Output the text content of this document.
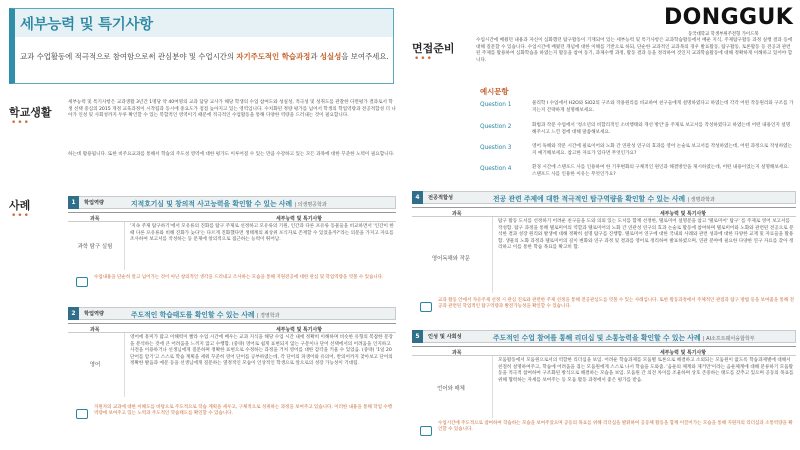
세부능력 및 특기사항
교과 수업활동에 적극적으로 참여함으로써 관심분야 및 수업시간의 자기주도적인 학습과정과 성실성을 보여주세요.
학교생활
•••
세부능력 및 특기사항은 교과생활 3년간 1명당 약 40여명의 교과 담당 교사가 해당 학생의 수업 참여도와 성실성, 적극성 및 성취도를 관찰한 다면평가 결과로서 학생 선택 중심의 2015 개정 교육과정이 시작됨과 동시에 중요도가 점점 높아지고 있는 영역입니다. 수치화된 정량 평가를 넘어서 학생의 학업역량과 전공적합성 더 나아가 인성 및 사회성까지 두루 확인할 수 있는 복합적인 영역이기 때문에 적극적인 수업활동을 통해 다양한 역량을 드러내는 것이 필요합니다.
하는데 활용됩니다. 또한 비주요교과를 통해서 학습의 주도성 영역에 대한 평가도 이루어질 수 있는 만큼 수강하고 있는 모든 과목에 대한 꾸준한 노력이 필요합니다.
사례
•••
1	학업역량	지적호기심 및 창의적 사고능력을 확인할 수 있는 사례 | 의생명공학과
과목	세부능력 및 특기사항
과학 탐구 실험
'지속 주제 탐구하기'에서 모유류의 진화를 탐구 주제로 선정하고 모유류의 기원, 인간과 다른 포유류 동물들을 비교하면서 '인간이 한때 다른 포유류와 비해 진화가 늦다'는 다르게 진화했다면 생태계의 최상위 포식자로 존재할 수 있었을까?'라는 의문을 가지고 자료를 조사하여 보고서를 작성하는 등 문제에 창의적으로 접근하는 능력이 뛰어남.
수업내용을 단순히 알고 넘어가는 것이 아닌 창의적인 생각을 드러내고 조사하는 모습을 통해 지원전공에 대한 관심 및 학업역량을 엿볼 수 있습니다.
2	학업역량	주도적인 학습태도를 확인할 수 있는 사례 | 경영학과
과목	세부능력 및 특기사항
영어
영어에 흥미가 많고 이해력이 빨라 수업 시간에 배우는 교과 지식을 해당 수업 시간 내에 정확히 이해하며 비슷한 유형의 복잡한 문장을 분석하는 것에 큰 어려움을 느끼지 않고 수행함. (중략) 영어로 쉽게 표현되지 않는 구문이나 단어 선택에서의 어려움을 인지하고 사전을 이용하거나 선생님에게 질문하며 정확한 표현으로 수정하는 과정을 거쳐 영어를 대한 감각을 키울 수 있었음. (중략) '1일 20단어를 암기'고 스스로 학습 계획을 세워 꾸준히 영어 단어를 공부하였는데, 각 단어의 파생어와 유의어, 반의어까지 찾아보고 단어의 정확한 발음과 예문 등을 선생님에게 질문하는 열정적인 모습이 인상적인 학생으로 앞으로의 성장 가능성이 기대됨.
지원자의 교과에 대한 이해도를 바탕으로 주도적으로 학습 계획을 세우고, 구체적으로 성취하는 과정을 보여주고 있습니다. 이러한 내용을 통해 학업 수행역량에 보여주고 있는 노력과 주도적인 학습태도를 확인할 수 있습니다.
DONGGUK
동국대학교 학생부위주전형 가이드북
면접준비
•••
수업시간에 배웠던 내용과 자신이 심화했던 탐구활동이 기재되어 있는 세부능력 및 특기사항은 교과학습활동에서 배운 지식, 주제탐구활동 과정 실행 결과 등에 대해 질문할 수 있습니다. 수업시간에 배웠던 개념에 대한 이해를 기반으로 하되, 단순한 교과적인 교과목의 경우 발표활동, 탐구활동, 토론활동 등 전공과 관련된 주제를 활용하여 심화학습을 하였는지 활동을 참여 동기, 과제수행 과정, 활동 결과 등을 정리하여 것인지 교과학습활동에 대해 정확하게 이해하고 있어야 합니다.
예시문항
Question 1	물리학 I 수업에서 H2O와 SiO2의 구조와 작용원리를 비교하여 친구들에게 설명하였다고 하였는데 각각 어떤 작동원리와 구조를 가지는지 간략하게 설명해보세요.
Question 2	화법과 작문 수업에서 '청소년의 비합리적인 소비행태와 개선 방안'을 주제로 보고서를 작성하였다고 하였는데 어떤 내용인지 설명해주시고 느낀 점에 대해 말씀해보세요.
Question 3	영어 독해와 작문 시간에 필로이어와 노화 간 연관성 연구의 효과를 영어 논술로 보고서를 작성하였는데, 어떤 과정으로 작성하였는지 얘기해보세요. 참고한 자료가 있다면 무엇인가요?
Question 4	환경 시간에 스탠포드 사를 인용하여 한 기후변화의 구체적인 원인과 해결방안을 제시하였는데, 어떤 내용이었는지 설명해보세요. 스탠포드 사를 인용한 이유는 무엇인가요?
4	전공적합성	전공 관련 주제에 대한 적극적인 탐구역량을 확인할 수 있는 사례 | 생명과학과
과목	세부능력 및 특기사항
영어독해와 작문
탐구 활동 도서를 선정하기 어려운 친구들을 도와 의외 있는 도서를 함께 선정한, 텔로미어 설명문을 참고 '텔로미어' 탐구' 를 주제로 영어 보고서를 작성함. 탐구 과정을 통해 텔로미어의 역할과 텔로미어의 노화 간 연관성 연구의 효과 논술로 활동에 참여하며 텔로미어와 노화와 관련된 전공으로 분석한 결과 성장 원리와 발생에 대해 정확히 설명 탐구를 진행함. 텔로미어 연구에 대한 국내외 사례와 관련 성과에 대한 다양한 교재 및 자료들을 활용함. 생물의 노화 과정과 텔로미어의 길이 변화와 연구 과정 및 결과를 영어로 정리하여 발표하였으며, 연관 분야에 필요한 다양한 연구 자료를 찾아 정리하고 이를 통한 학습 목표를 확고히 함.
교과 활동 안에서 자유주제 선정 시 관심 진로와 관련한 주제 선정을 통해 전공관심도를 엿볼 수 있는 사례입니다. 또한 활동과정에서 주체적인 관점과 탐구 방법 등을 보여줌을 통해 전공과 관련된 학업적인 탐구역량과 발전가능성을 확인할 수 있습니다.
5	인성 및 사회성	주도적인 수업 참여를 통해 리더십 및 소통능력을 확인할 수 있는 사례 | AI소프트웨어융합학부
과목	세부능력 및 특기사항
언어와 매체
모둠활동에서 모둠원으로서의 역할한 리더십을 보임. 어려운 학습과제를 모둠별 토론으로 해결하고 소외되는 모둠원이 없도록 학습과제별에 대해서 친절히 설명하여주고, 학습에 어려움을 겪는 모둠원에게 스스로 나서 학습을 도와줌. '음운의 체계와 제거만'이라는 음운체계에 대해 분류하기 모둠활동을 적극적 참여하여 구조화된 방식으로 해결하는 모습을 보임. 모둠원 간 의견 차이를 조율하며 상호 존중하는 태도를 갖추고 있으며 공동의 목표를 위해 협력하는 자세를 보여주는 등 모둠 활동 과정에서 좋은 평가를 받음.
수업시간에 주도적으로 참여하여 학습하는 모습을 보여주었으며 공동의 목표를 위해 리더십을 발휘하여 공동체 활동을 함께 이끌어가는 모습을 통해 지원자의 리더십과 소통역량을 확인할 수 있습니다.
